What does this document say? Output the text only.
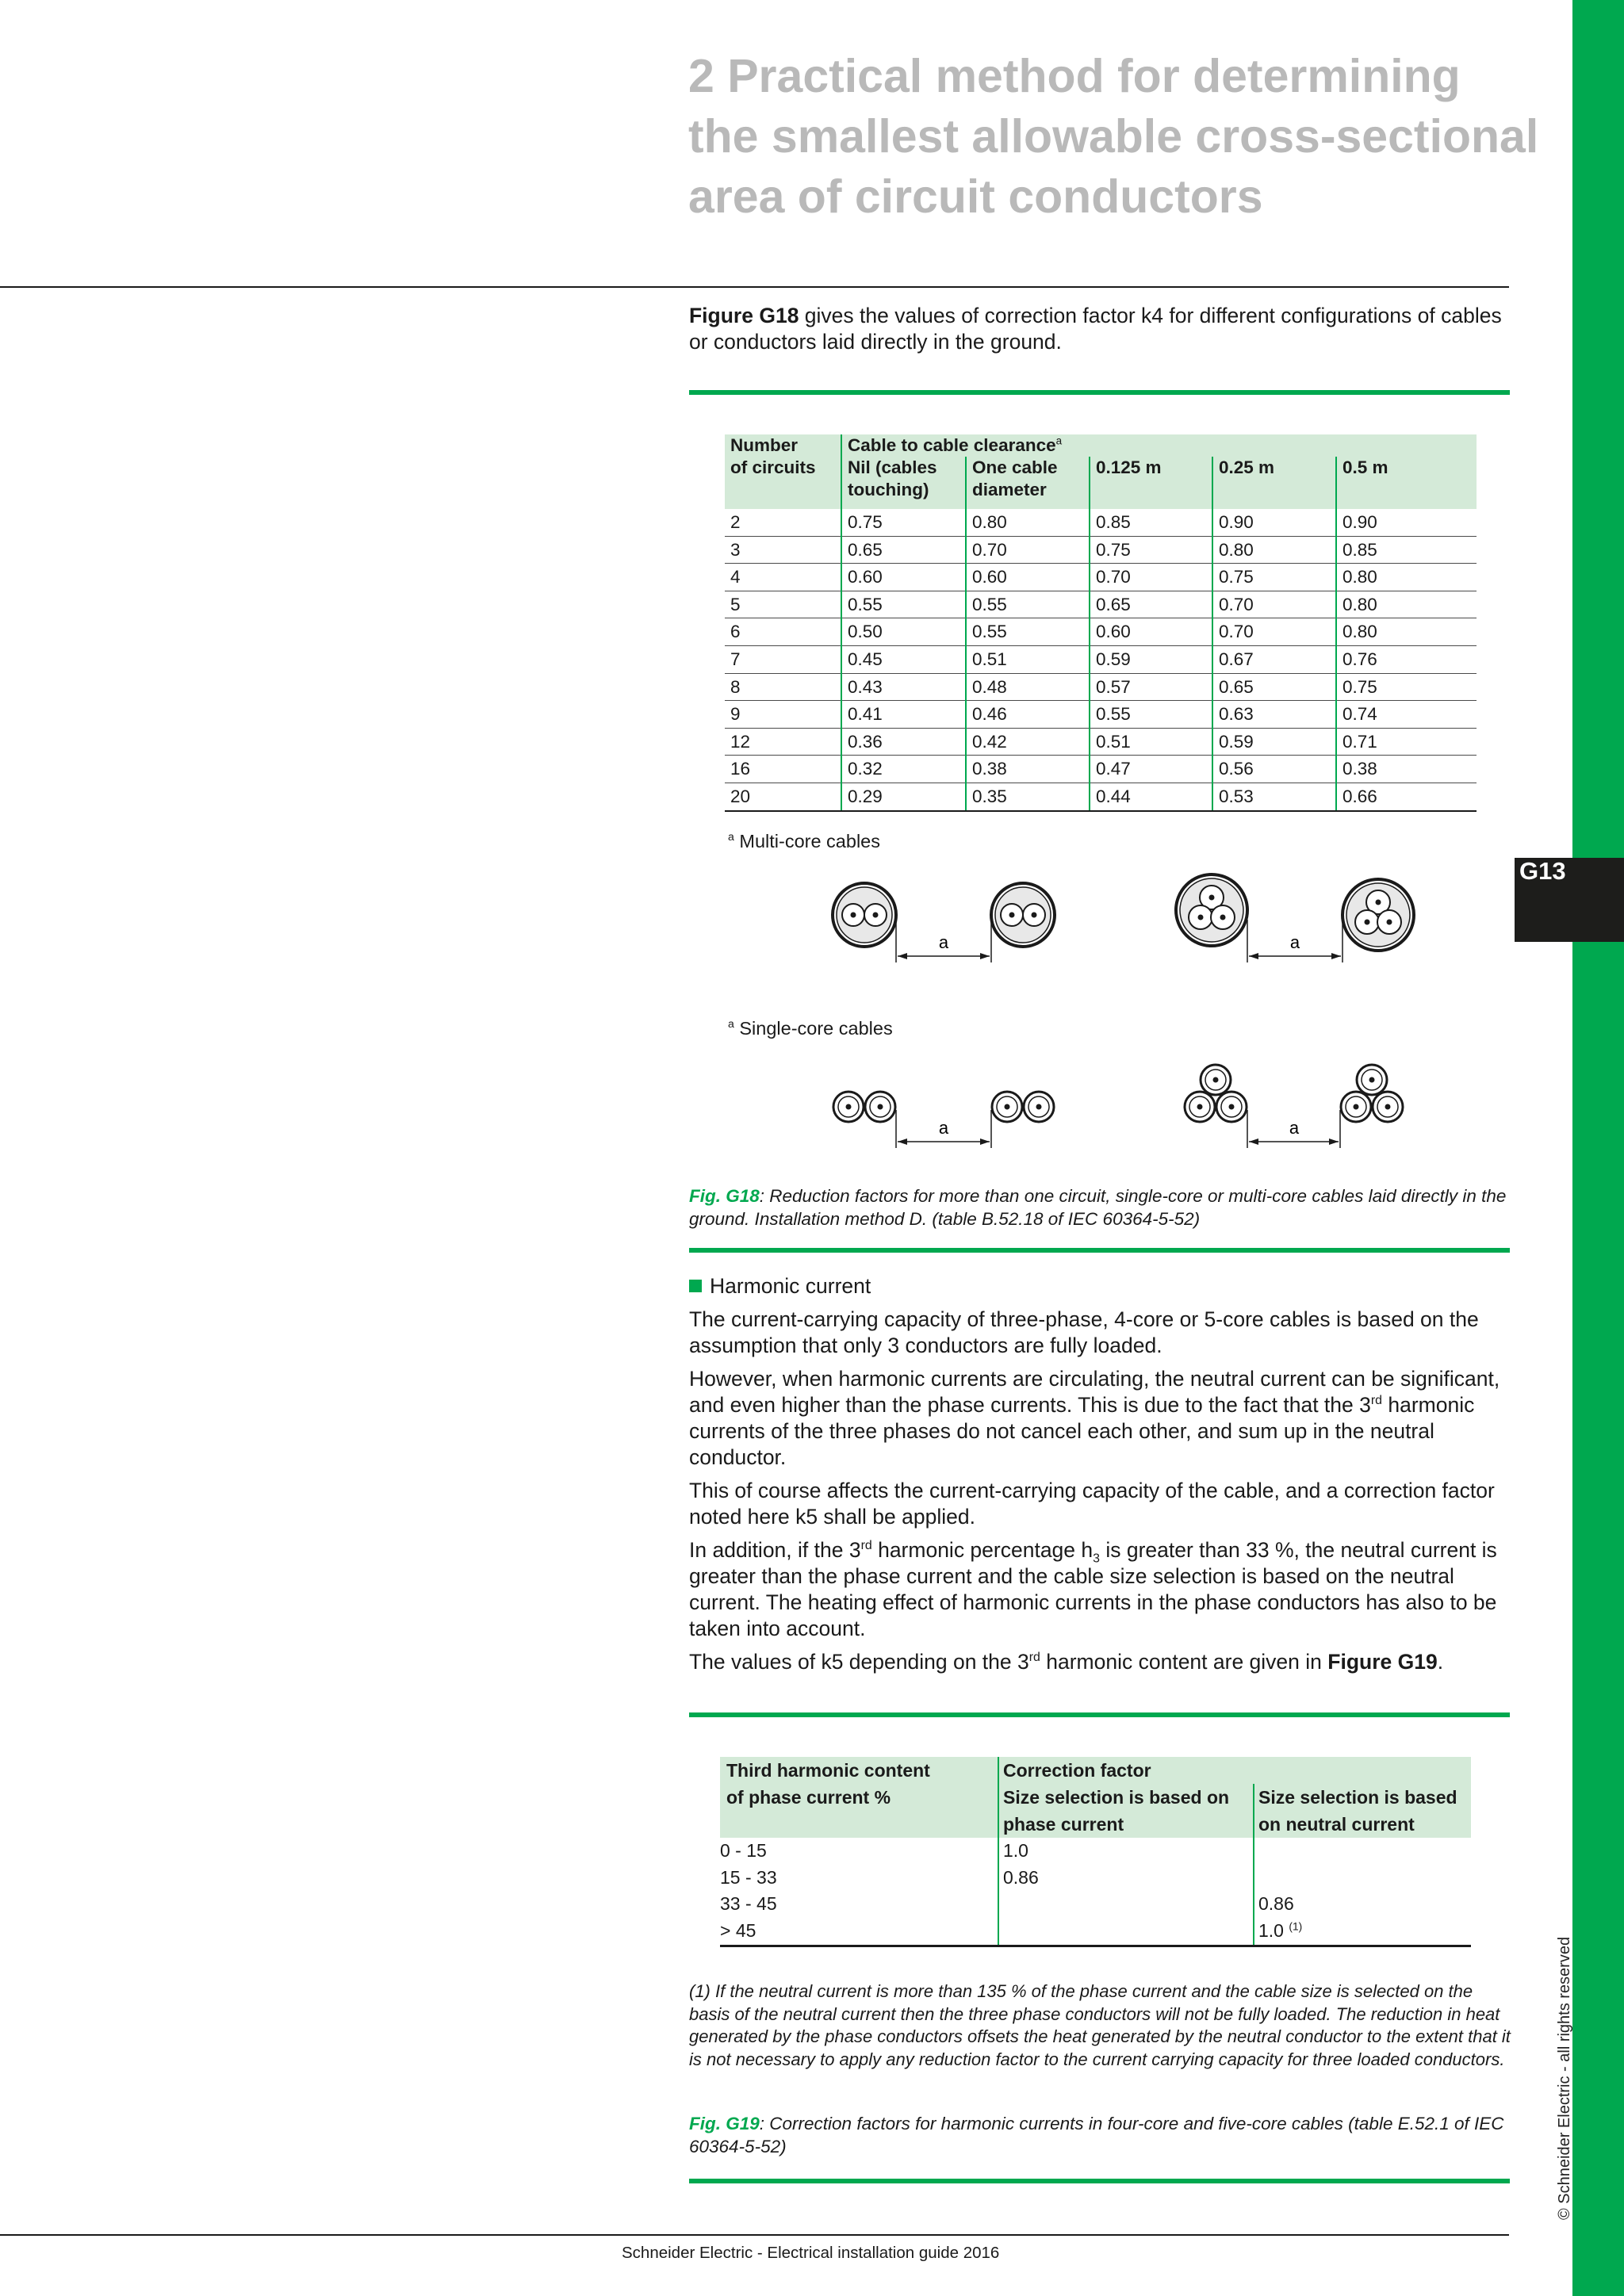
G13
© Schneider Electric - all rights reserved
2 Practical method for determining
the smallest allowable cross-sectional
area of circuit conductors
Figure G18 gives the values of correction factor k4 for different configurations of cables or conductors laid directly in the ground.
Number	Cable to cable clearance$^a$
of circuits	Nil (cables touching)	One cable diameter	0.125 m	0.25 m	0.5 m
2	0.75	0.80	0.85	0.90	0.90
3	0.65	0.70	0.75	0.80	0.85
4	0.60	0.60	0.70	0.75	0.80
5	0.55	0.55	0.65	0.70	0.80
6	0.50	0.55	0.60	0.70	0.80
7	0.45	0.51	0.59	0.67	0.76
8	0.43	0.48	0.57	0.65	0.75
9	0.41	0.46	0.55	0.63	0.74
12	0.36	0.42	0.51	0.59	0.71
16	0.32	0.38	0.47	0.56	0.38
20	0.29	0.35	0.44	0.53	0.66
$^a$ Multi-core cables
a	a
$^a$ Single-core cables
a	a
Fig. G18: Reduction factors for more than one circuit, single-core or multi-core cables laid directly in the ground. Installation method D. (table B.52.18 of IEC 60364-5-52)

Harmonic current

The current-carrying capacity of three-phase, 4-core or 5-core cables is based on the assumption that only 3 conductors are fully loaded.

However, when harmonic currents are circulating, the neutral current can be significant, and even higher than the phase currents. This is due to the fact that the 3rd harmonic currents of the three phases do not cancel each other, and sum up in the neutral conductor.

This of course affects the current-carrying capacity of the cable, and a correction factor noted here k5 shall be applied.

In addition, if the 3rd harmonic percentage $h_3$ is greater than 33 %, the neutral current is greater than the phase current and the cable size selection is based on the neutral current. The heating effect of harmonic currents in the phase conductors has also to be taken into account.

The values of k5 depending on the 3rd harmonic content are given in Figure G19.

Third harmonic content	Correction factor	
of phase current %	Size selection is based on phase current	Size selection is based on neutral current
0 - 15	1.0	
15 - 33	0.86	
33 - 45		0.86
> 45		1.0 $^{(1)}$
(1) If the neutral current is more than 135 % of the phase current and the cable size is selected on the basis of the neutral current then the three phase conductors will not be fully loaded. The reduction in heat generated by the phase conductors offsets the heat generated by the neutral conductor to the extent that it is not necessary to apply any reduction factor to the current carrying capacity for three loaded conductors.
Fig. G19: Correction factors for harmonic currents in four-core and five-core cables (table E.52.1 of IEC 60364-5-52)
Schneider Electric - Electrical installation guide 2016
